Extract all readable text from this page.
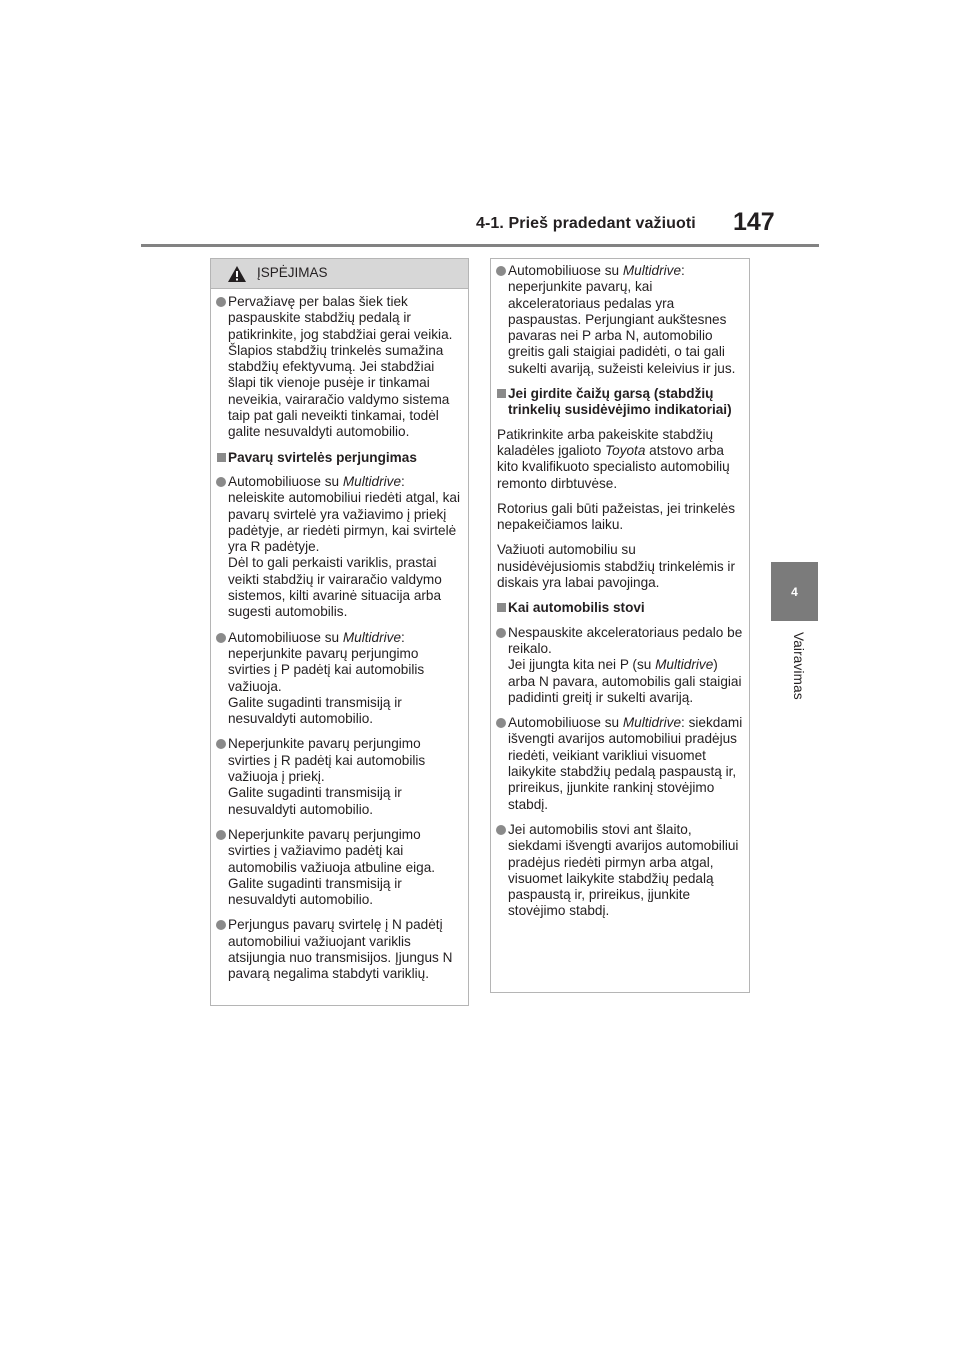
4-1. Prieš pradedant važiuoti 147
4
Vairavimas
ĮSPĖJIMAS
Pervažiavę per balas šiek tiek paspauskite stabdžių pedalą ir patikrinkite, jog stabdžiai gerai veikia. Šlapios stabdžių trinkelės sumažina stabdžių efektyvumą. Jei stabdžiai šlapi tik vienoje pusėje ir tinkamai neveikia, vairaračio valdymo sistema taip pat gali neveikti tinkamai, todėl galite nesuvaldyti automobilio.
Pavarų svirtelės perjungimas
Automobiliuose su Multidrive: neleiskite automobiliui riedėti atgal, kai pavarų svirtelė yra važiavimo į priekį padėtyje, ar riedėti pirmyn, kai svirtelė yra R padėtyje.
Dėl to gali perkaisti variklis, prastai veikti stabdžių ir vairaračio valdymo sistemos, kilti avarinė situacija arba sugesti automobilis.
Automobiliuose su Multidrive: neperjunkite pavarų perjungimo svirties į P padėtį kai automobilis važiuoja.
Galite sugadinti transmisiją ir nesuvaldyti automobilio.
Neperjunkite pavarų perjungimo svirties į R padėtį kai automobilis važiuoja į priekį.
Galite sugadinti transmisiją ir nesuvaldyti automobilio.
Neperjunkite pavarų perjungimo svirties į važiavimo padėtį kai automobilis važiuoja atbuline eiga.
Galite sugadinti transmisiją ir nesuvaldyti automobilio.
Perjungus pavarų svirtelę į N padėtį automobiliui važiuojant variklis atsijungia nuo transmisijos. Įjungus N pavarą negalima stabdyti variklių.
Automobiliuose su Multidrive: neperjunkite pavarų, kai akceleratoriaus pedalas yra paspaustas. Perjungiant aukštesnes pavaras nei P arba N, automobilio greitis gali staigiai padidėti, o tai gali sukelti avariją, sužeisti keleivius ir jus.
Jei girdite čaižų garsą (stabdžių trinkelių susidėvėjimo indikatoriai)
Patikrinkite arba pakeiskite stabdžių kaladėles įgalioto Toyota atstovo arba kito kvalifikuoto specialisto automobilių remonto dirbtuvėse.
Rotorius gali būti pažeistas, jei trinkelės nepakeičiamos laiku.
Važiuoti automobiliu su nusidėvėjusiomis stabdžių trinkelėmis ir diskais yra labai pavojinga.
Kai automobilis stovi
Nespauskite akceleratoriaus pedalo be reikalo.
Jei įjungta kita nei P (su Multidrive) arba N pavara, automobilis gali staigiai padidinti greitį ir sukelti avariją.
Automobiliuose su Multidrive: siekdami išvengti avarijos automobiliui pradėjus riedėti, veikiant varikliui visuomet laikykite stabdžių pedalą paspaustą ir, prireikus, įjunkite rankinį stovėjimo stabdį.
Jei automobilis stovi ant šlaito, siekdami išvengti avarijos automobiliui pradėjus riedėti pirmyn arba atgal, visuomet laikykite stabdžių pedalą paspaustą ir, prireikus, įjunkite stovėjimo stabdį.
